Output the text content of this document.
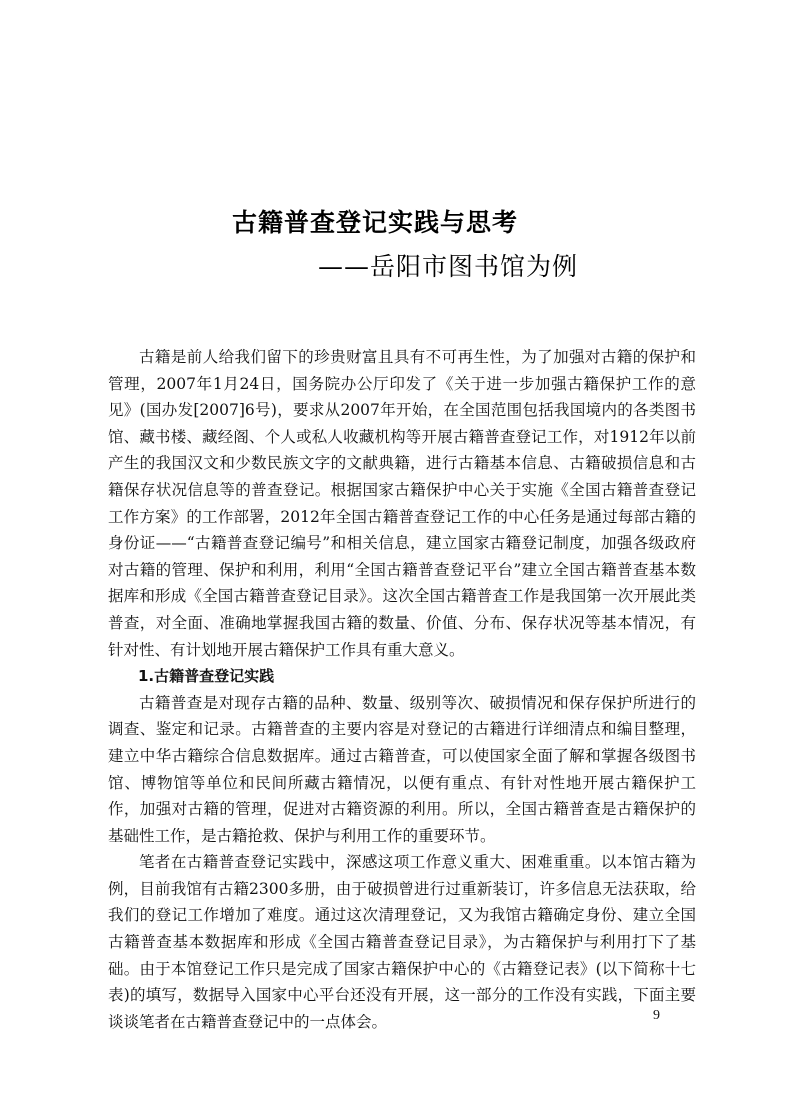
古籍普查登记实践与思考
——岳阳市图书馆为例

古籍是前人给我们留下的珍贵财富且具有不可再生性，为了加强对古籍的保护和管理，2007年1月24日，国务院办公厅印发了《关于进一步加强古籍保护工作的意见》(国办发[2007]6号)，要求从2007年开始，在全国范围包括我国境内的各类图书馆、藏书楼、藏经阁、个人或私人收藏机构等开展古籍普查登记工作，对1912年以前产生的我国汉文和少数民族文字的文献典籍，进行古籍基本信息、古籍破损信息和古籍保存状况信息等的普查登记。根据国家古籍保护中心关于实施《全国古籍普查登记工作方案》的工作部署，2012年全国古籍普查登记工作的中心任务是通过每部古籍的身份证——“古籍普查登记编号”和相关信息，建立国家古籍登记制度，加强各级政府对古籍的管理、保护和利用，利用“全国古籍普查登记平台”建立全国古籍普查基本数据库和形成《全国古籍普查登记目录》。这次全国古籍普查工作是我国第一次开展此类普查，对全面、准确地掌握我国古籍的数量、价值、分布、保存状况等基本情况，有针对性、有计划地开展古籍保护工作具有重大意义。

1.古籍普查登记实践

古籍普查是对现存古籍的品种、数量、级别等次、破损情况和保存保护所进行的调查、鉴定和记录。古籍普查的主要内容是对登记的古籍进行详细清点和编目整理，建立中华古籍综合信息数据库。通过古籍普查，可以使国家全面了解和掌握各级图书馆、博物馆等单位和民间所藏古籍情况，以便有重点、有针对性地开展古籍保护工作，加强对古籍的管理，促进对古籍资源的利用。所以，全国古籍普查是古籍保护的基础性工作，是古籍抢救、保护与利用工作的重要环节。

笔者在古籍普查登记实践中，深感这项工作意义重大、困难重重。以本馆古籍为例，目前我馆有古籍2300多册，由于破损曾进行过重新装订，许多信息无法获取，给我们的登记工作增加了难度。通过这次清理登记，又为我馆古籍确定身份、建立全国古籍普查基本数据库和形成《全国古籍普查登记目录》，为古籍保护与利用打下了基础。由于本馆登记工作只是完成了国家古籍保护中心的《古籍登记表》(以下简称十七表)的填写，数据导入国家中心平台还没有开展，这一部分的工作没有实践，下面主要谈谈笔者在古籍普查登记中的一点体会。	9
